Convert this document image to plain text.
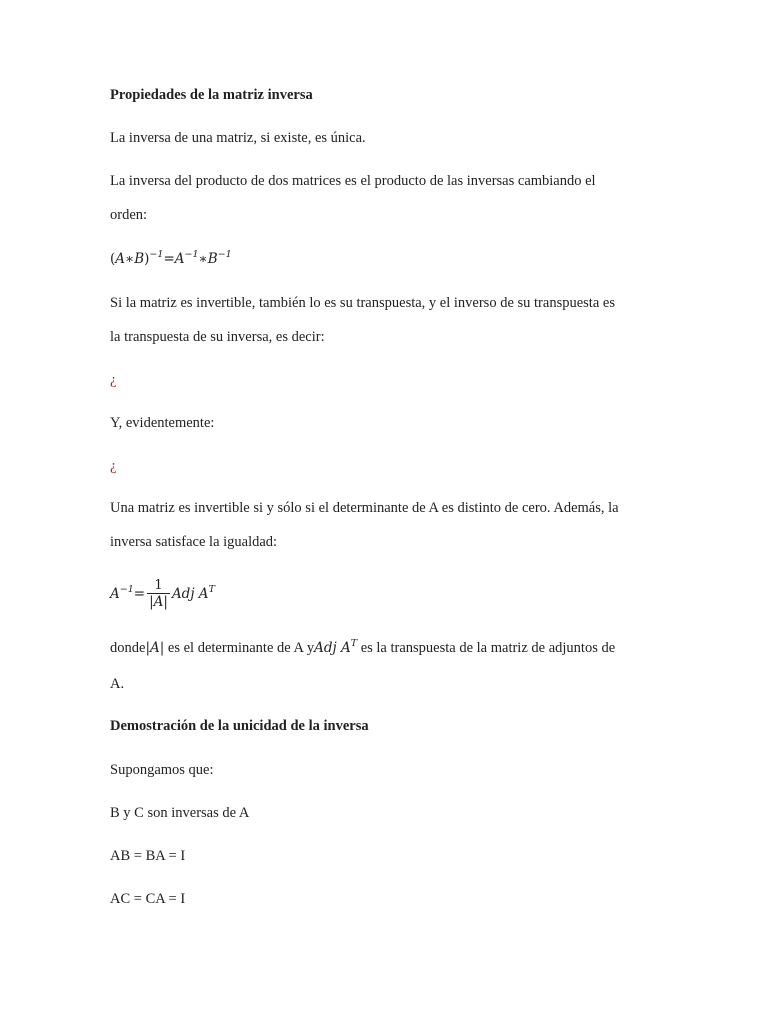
Propiedades de la matriz inversa
La inversa de una matriz, si existe, es única.
La inversa del producto de dos matrices es el producto de las inversas cambiando el
orden:
$(A∗B)^{-1}=A^{-1}∗B^{-1}$
Si la matriz es invertible, también lo es su transpuesta, y el inverso de su transpuesta es
la transpuesta de su inversa, es decir:
¿
Y, evidentemente:
¿
Una matriz es invertible si y sólo si el determinante de A es distinto de cero. Además, la
inversa satisface la igualdad:
$A^{-1}= \frac{1}{|A|}$ Adj $A^T$
donde|A| es el determinante de A yAdj $A^T$ es la transpuesta de la matriz de adjuntos de
A.
Demostración de la unicidad de la inversa
Supongamos que:
B y C son inversas de A
AB = BA = I
AC = CA = I
